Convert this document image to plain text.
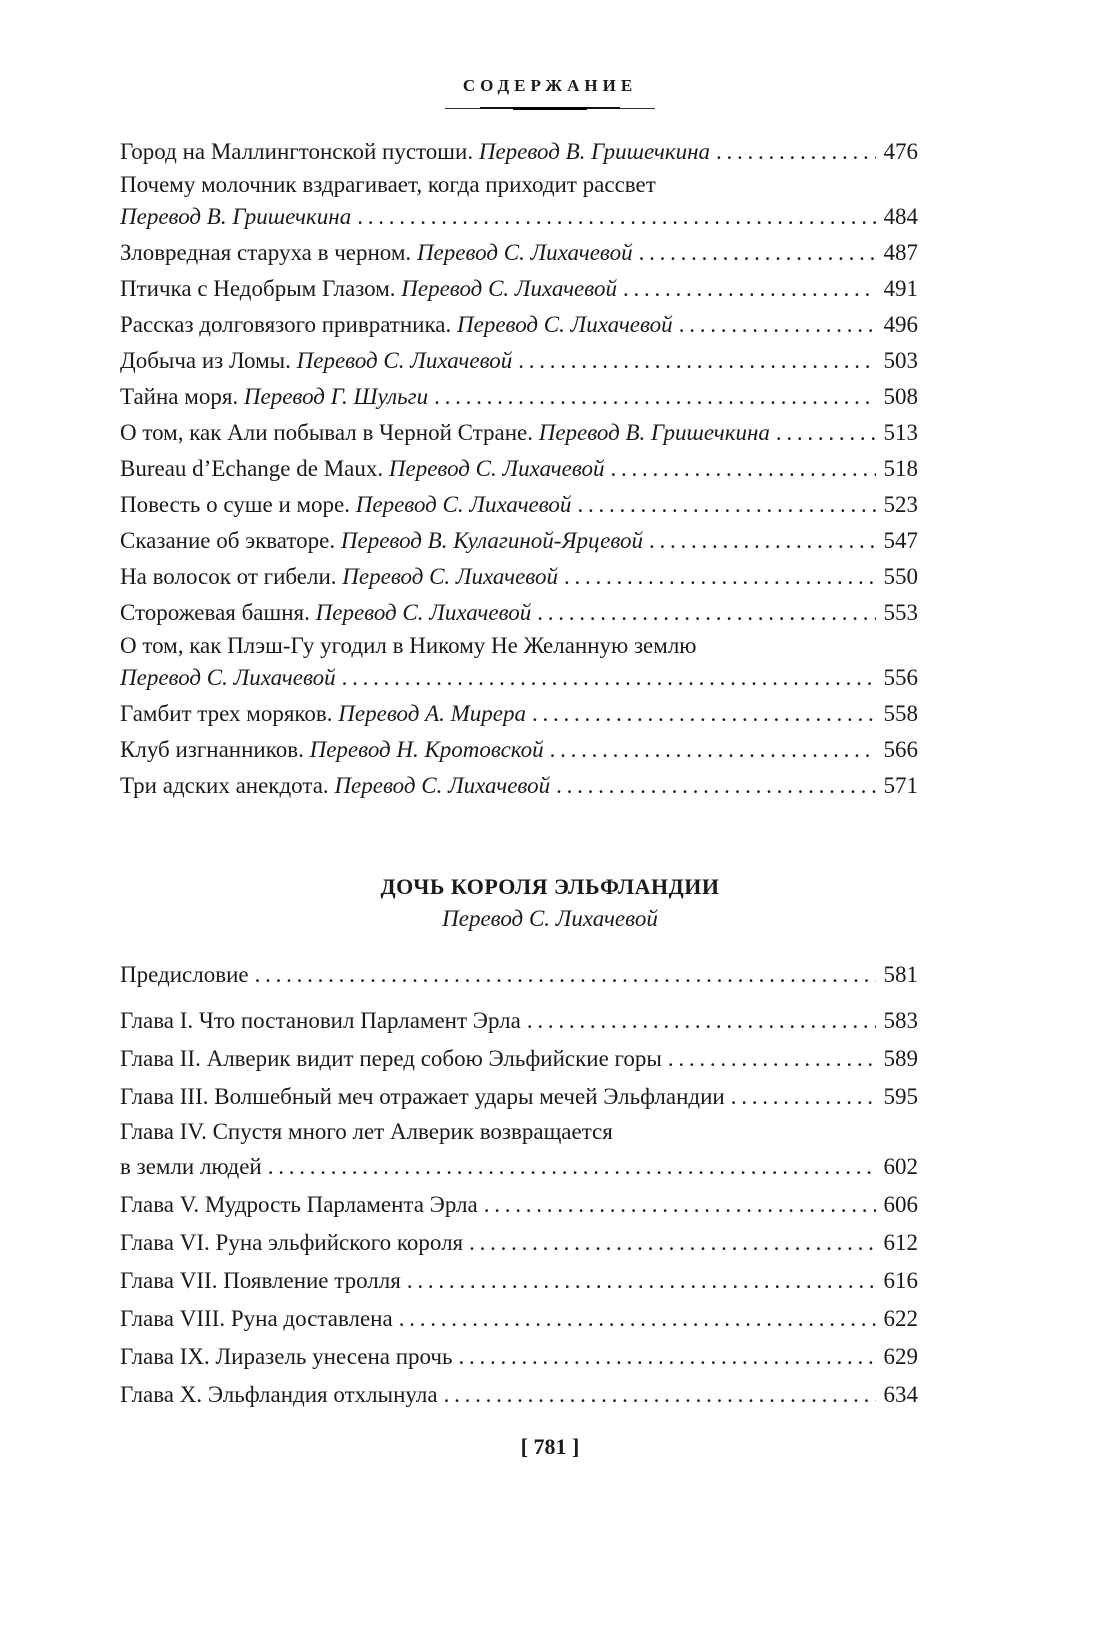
СОДЕРЖАНИЕ
Город на Маллингтонской пустоши.
Перевод В. Гришечкина . . .	476
Почему молочник вздрагивает, когда приходит рассвет
Перевод В. Гришечкина . . .	484
Зловредная старуха в черном.
Перевод С. Лихачевой . . .	487
Птичка с Недобрым Глазом.
Перевод С. Лихачевой . . .	491
Рассказ долговязого привратника.
Перевод С. Лихачевой . . .	496
Добыча из Ломы.
Перевод С. Лихачевой . . .	503
Тайна моря.
Перевод Г. Шульги . . .	508
О том, как Али побывал в Черной Стране.
Перевод В. Гришечкина . . .	513
Bureau d’Echange de Maux.
Перевод С. Лихачевой . . .	518
Повесть о суше и море.
Перевод С. Лихачевой . . .	523
Сказание об экваторе.
Перевод В. Кулагиной-Ярцевой . . .	547
На волосок от гибели.
Перевод С. Лихачевой . . .	550
Сторожевая башня.
Перевод С. Лихачевой . . .	553
О том, как Плэш-Гу угодил в Никому Не Желанную землю
Перевод С. Лихачевой . . .	556
Гамбит трех моряков.
Перевод А. Мирера . . .	558
Клуб изгнанников.
Перевод Н. Кротовской . . .	566
Три адских анекдота.
Перевод С. Лихачевой . . .	571
ДОЧЬ КОРОЛЯ ЭЛЬФЛАНДИИ
Перевод С. Лихачевой
Предисловие . . .	581
Глава I. Что постановил Парламент Эрла . . .	583
Глава II. Алверик видит перед собою Эльфийские горы . . .	589
Глава III. Волшебный меч отражает удары мечей Эльфландии . . .	595
Глава IV. Спустя много лет Алверик возвращается
в земли людей . . .	602
Глава V. Мудрость Парламента Эрла . . .	606
Глава VI. Руна эльфийского короля . . .	612
Глава VII. Появление тролля . . .	616
Глава VIII. Руна доставлена . . .	622
Глава IX. Лиразель унесена прочь . . .	629
Глава X. Эльфландия отхлынула . . .	634
[ 781 ]
